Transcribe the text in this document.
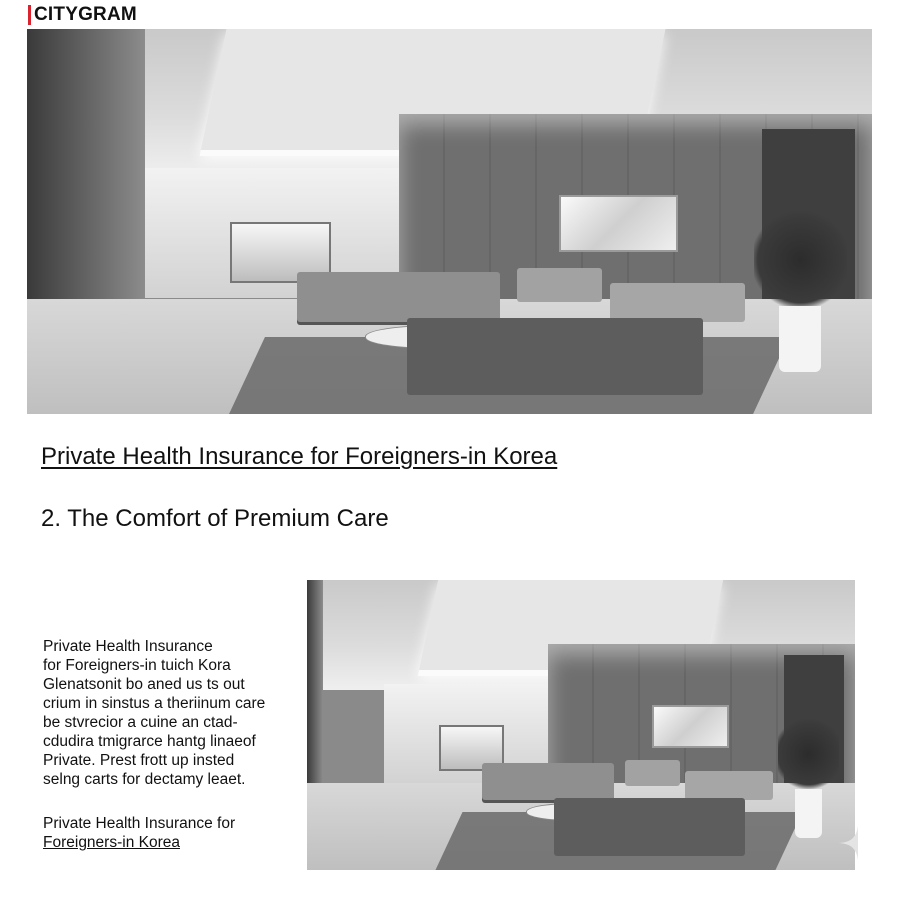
CITYGRAM
Private Health Insurance for Foreigners-in Korea
2. The Comfort of Premium Care
Private Health Insurance
for Foreigners-in tuich Kora
Glenatsonit bo aned us ts out
crium in sinstus a theriinum care
be stvrecior a cuine an ctad-
cdudira tmigrarce hantg linaeof
Private. Prest frott up insted
selng carts for dectamy leaet.
Private Health Insurance for
Foreigners-in Korea
